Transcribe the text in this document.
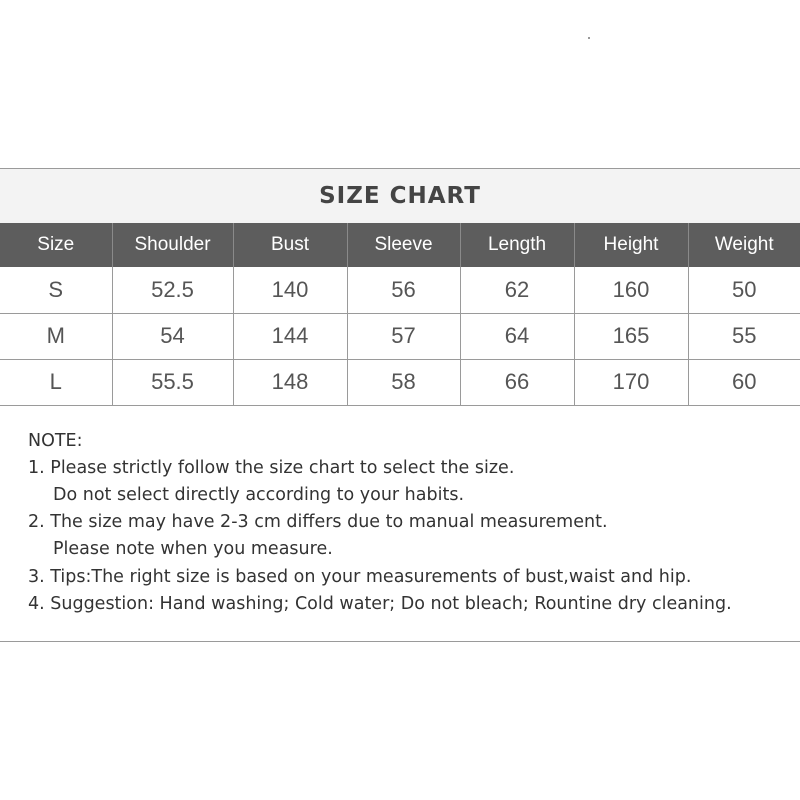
SIZE CHART
Size	Shoulder	Bust	Sleeve	Length	Height	Weight
S	52.5	140	56	62	160	50
M	54	144	57	64	165	55
L	55.5	148	58	66	170	60
NOTE:
1. Please strictly follow the size chart to select the size.
Do not select directly according to your habits.
2. The size may have 2-3 cm differs due to manual measurement.
Please note when you measure.
3. Tips:The right size is based on your measurements of bust,waist and hip.
4. Suggestion: Hand washing; Cold water; Do not bleach; Rountine dry cleaning.
